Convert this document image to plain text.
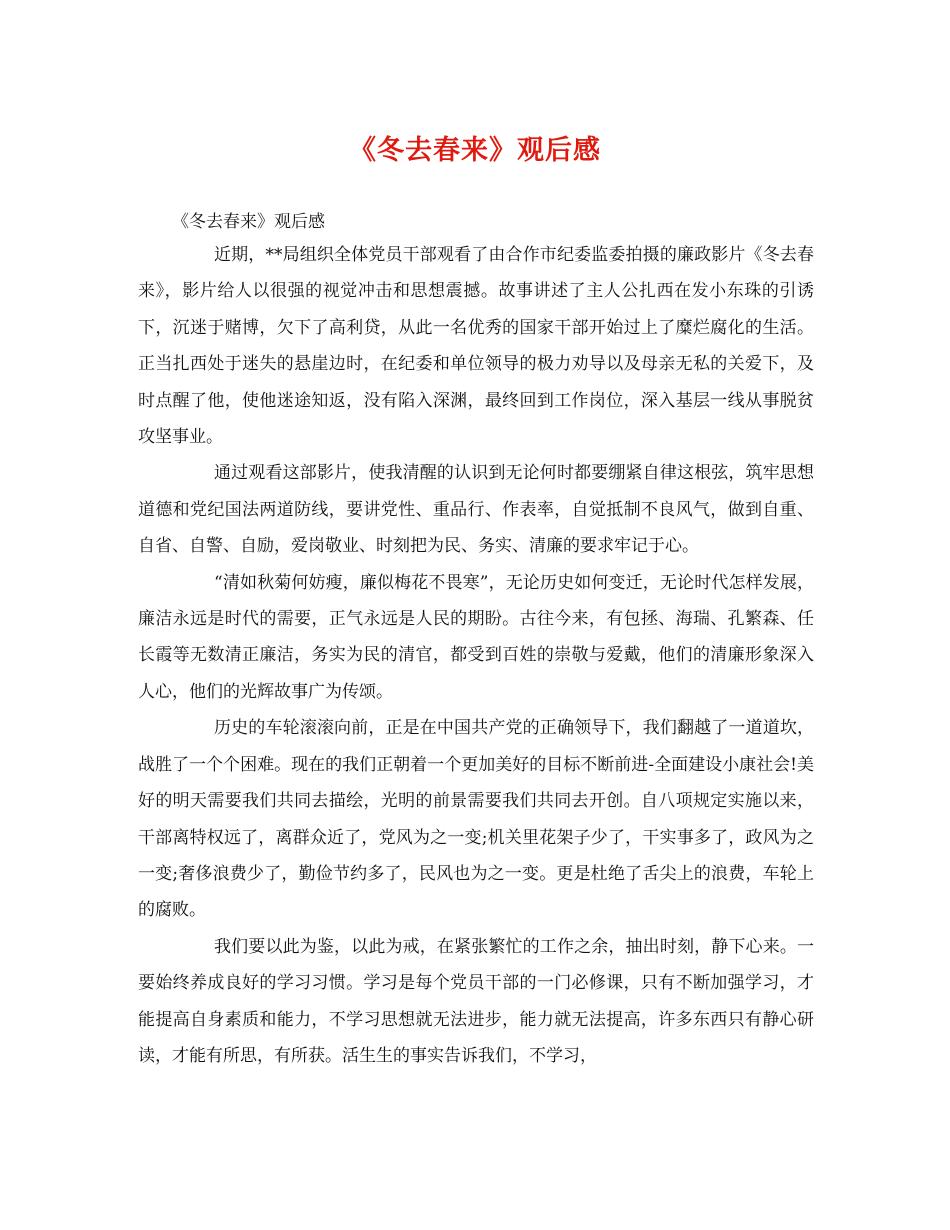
《冬去春来》观后感
《冬去春来》观后感

近期，**局组织全体党员干部观看了由合作市纪委监委拍摄的廉政影片《冬去春来》，影片给人以很强的视觉冲击和思想震撼。故事讲述了主人公扎西在发小东珠的引诱下，沉迷于赌博，欠下了高利贷，从此一名优秀的国家干部开始过上了糜烂腐化的生活。正当扎西处于迷失的悬崖边时，在纪委和单位领导的极力劝导以及母亲无私的关爱下，及时点醒了他，使他迷途知返，没有陷入深渊，最终回到工作岗位，深入基层一线从事脱贫攻坚事业。

通过观看这部影片，使我清醒的认识到无论何时都要绷紧自律这根弦，筑牢思想道德和党纪国法两道防线，要讲党性、重品行、作表率，自觉抵制不良风气，做到自重、自省、自警、自励，爱岗敬业、时刻把为民、务实、清廉的要求牢记于心。

“清如秋菊何妨瘦，廉似梅花不畏寒”，无论历史如何变迁，无论时代怎样发展，廉洁永远是时代的需要，正气永远是人民的期盼。古往今来，有包拯、海瑞、孔繁森、任长霞等无数清正廉洁，务实为民的清官，都受到百姓的崇敬与爱戴，他们的清廉形象深入人心，他们的光辉故事广为传颂。

历史的车轮滚滚向前，正是在中国共产党的正确领导下，我们翻越了一道道坎，战胜了一个个困难。现在的我们正朝着一个更加美好的目标不断前进-全面建设小康社会!美好的明天需要我们共同去描绘，光明的前景需要我们共同去开创。自八项规定实施以来，干部离特权远了，离群众近了，党风为之一变;机关里花架子少了，干实事多了，政风为之一变;奢侈浪费少了，勤俭节约多了，民风也为之一变。更是杜绝了舌尖上的浪费，车轮上的腐败。

我们要以此为鉴，以此为戒，在紧张繁忙的工作之余，抽出时刻，静下心来。一要始终养成良好的学习习惯。学习是每个党员干部的一门必修课，只有不断加强学习，才能提高自身素质和能力，不学习思想就无法进步，能力就无法提高，许多东西只有静心研读，才能有所思，有所获。活生生的事实告诉我们，不学习，
